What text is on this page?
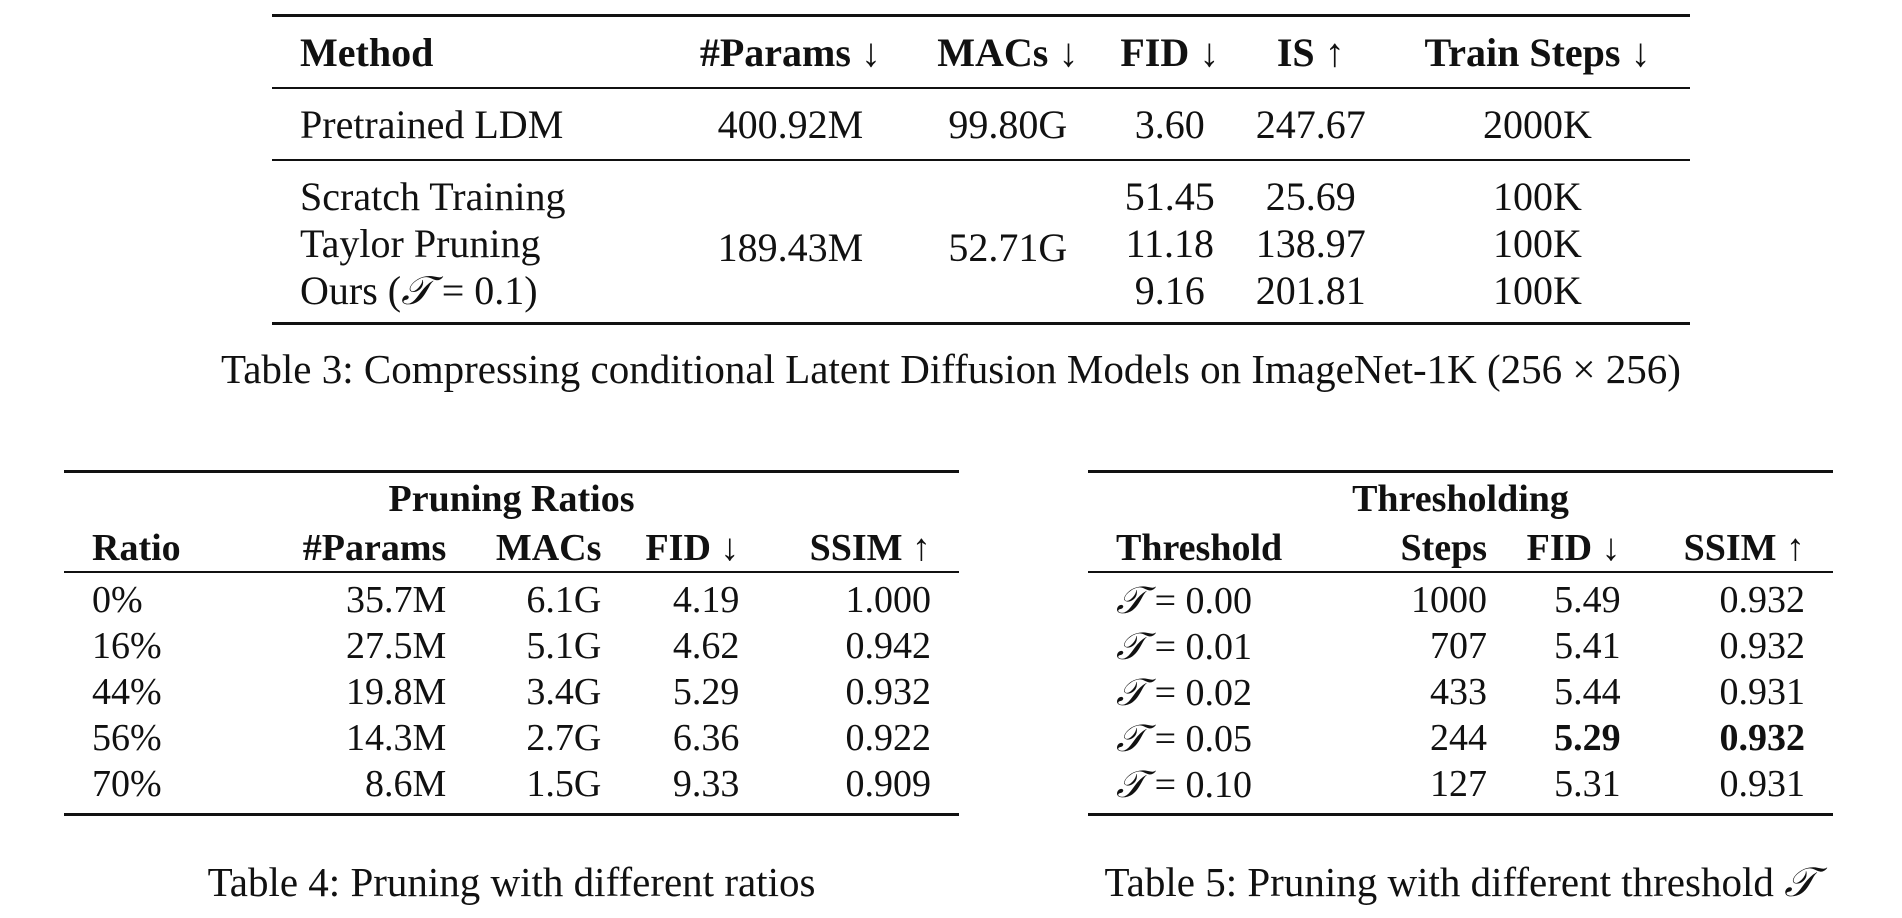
Method	#Params ↓	MACs ↓	FID ↓	IS ↑	Train Steps ↓
Pretrained LDM	400.92M	99.80G	3.60	247.67	2000K
Scratch Training	189.43M	52.71G	51.45	25.69	100K
Taylor Pruning			11.18	138.97	100K
Ours (𝒯 = 0.1)			9.16	201.81	100K
Table 3: Compressing conditional Latent Diffusion Models on ImageNet-1K (256 × 256)
Pruning Ratios				
Ratio	#Params	MACs	FID ↓	SSIM ↑
0%	35.7M	6.1G	4.19	1.000
16%	27.5M	5.1G	4.62	0.942
44%	19.8M	3.4G	5.29	0.932
56%	14.3M	2.7G	6.36	0.922
70%	8.6M	1.5G	9.33	0.909
Table 4: Pruning with different ratios
Thresholding			
Threshold	Steps	FID ↓	SSIM ↑
𝒯 = 0.00	1000	5.49	0.932
𝒯 = 0.01	707	5.41	0.932
𝒯 = 0.02	433	5.44	0.931
𝒯 = 0.05	244	5.29	0.932
𝒯 = 0.10	127	5.31	0.931
Table 5: Pruning with different threshold 𝒯
